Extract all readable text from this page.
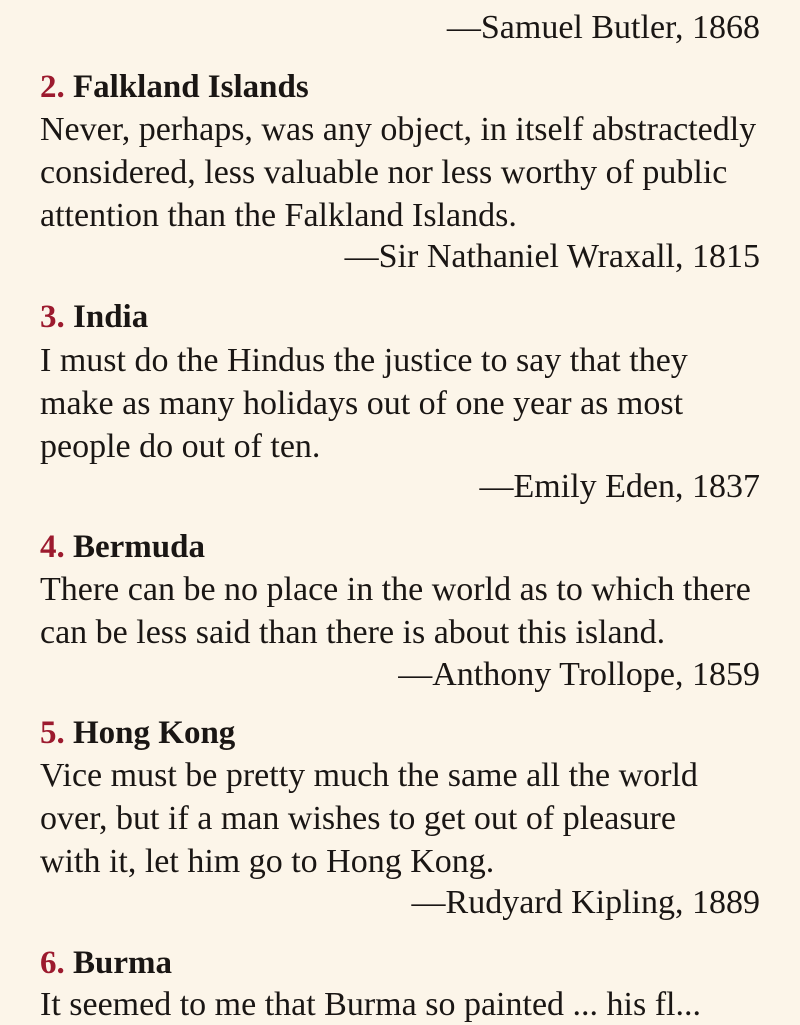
—Samuel Butler, 1868
2. Falkland Islands
Never, perhaps, was any object, in itself abstractedly
considered, less valuable nor less worthy of public
attention than the Falkland Islands.
—Sir Nathaniel Wraxall, 1815
3. India
I must do the Hindus the justice to say that they
make as many holidays out of one year as most
people do out of ten.
—Emily Eden, 1837
4. Bermuda
There can be no place in the world as to which there
can be less said than there is about this island.
—Anthony Trollope, 1859
5. Hong Kong
Vice must be pretty much the same all the world
over, but if a man wishes to get out of pleasure
with it, let him go to Hong Kong.
—Rudyard Kipling, 1889
6. Burma
It seemed to me that Burma so painted ... his fl...
